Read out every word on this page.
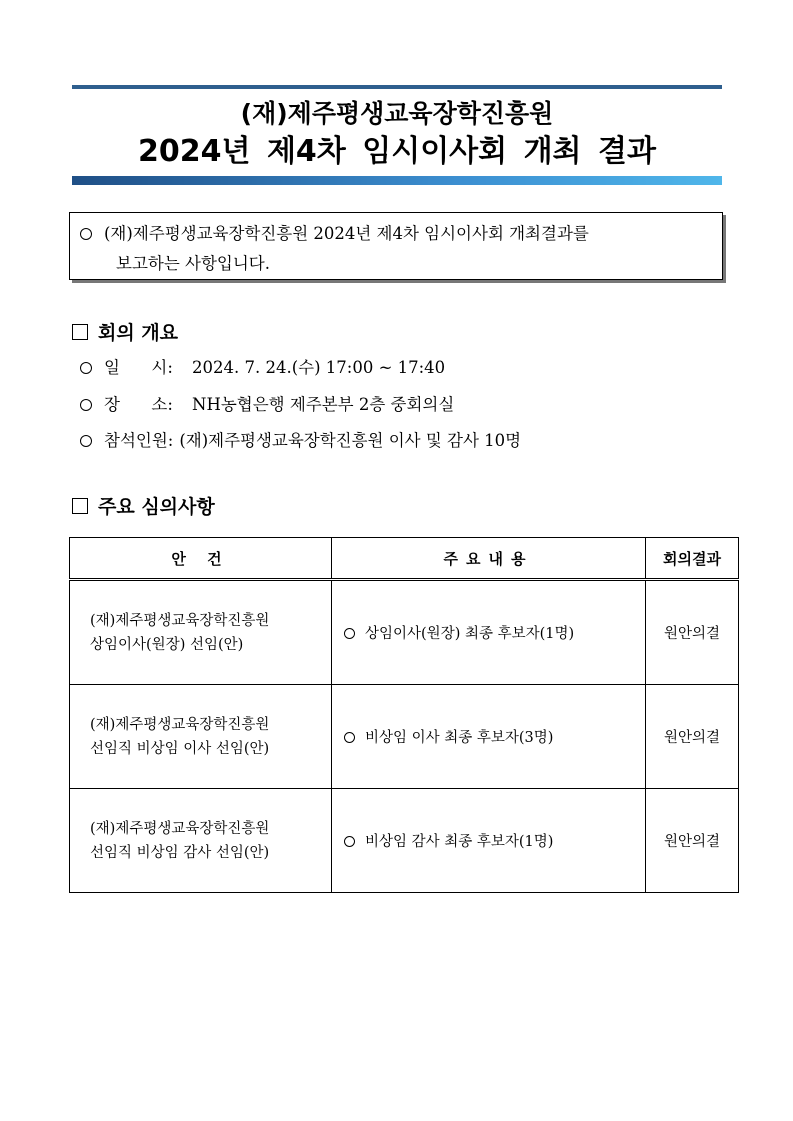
(재)제주평생교육장학진흥원
2024년 제4차 임시이사회 개최 결과
(재)제주평생교육장학진흥원 2024년 제4차 임시이사회 개최결과를
보고하는 사항입니다.
회의 개요
일      시: 2024. 7. 24.(수) 17:00 ~ 17:40
장      소: NH농협은행 제주본부 2층 중회의실
참석인원: (재)제주평생교육장학진흥원 이사 및 감사 10명
주요 심의사항
안 건	주요내용	회의결과

(재)제주평생교육장학진흥원
상임이사(원장) 선임(안)	상임이사(원장) 최종 후보자(1명)	원안의결

(재)제주평생교육장학진흥원
선임직 비상임 이사 선임(안)	비상임 이사 최종 후보자(3명)	원안의결

(재)제주평생교육장학진흥원
선임직 비상임 감사 선임(안)	비상임 감사 최종 후보자(1명)	원안의결
